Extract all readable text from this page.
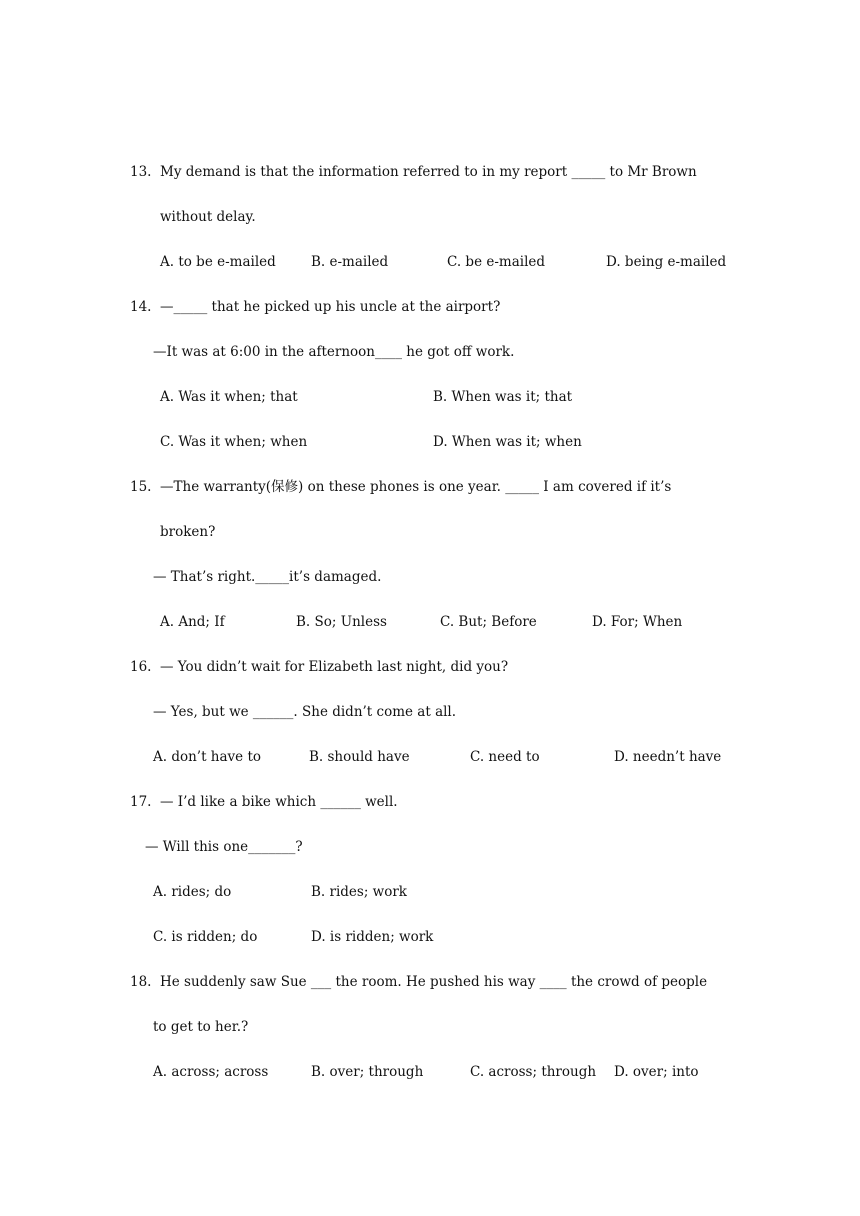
13. My demand is that the information referred to in my report _____ to Mr Brown
without delay.
A. to be e-mailed	B. e-mailed	C. be e-mailed	D. being e-mailed
14. —_____ that he picked up his uncle at the airport?
—It was at 6:00 in the afternoon____ he got off work.
A. Was it when; that	B. When was it; that
C. Was it when; when	D. When was it; when
15. —The warranty(保修) on these phones is one year. _____ I am covered if it’s
broken?
— That’s right._____it’s damaged.
A. And; If	B. So; Unless	C. But; Before	D. For; When
16. — You didn’t wait for Elizabeth last night, did you?
— Yes, but we ______. She didn’t come at all.
A. don’t have to	B. should have	C. need to	D. needn’t have
17. — I’d like a bike which ______ well.
— Will this one_______?
A. rides; do	B. rides; work
C. is ridden; do	D. is ridden; work
18. He suddenly saw Sue ___ the room. He pushed his way ____ the crowd of people
to get to her.?
A. across; across	B. over; through	C. across; through D. over; into
